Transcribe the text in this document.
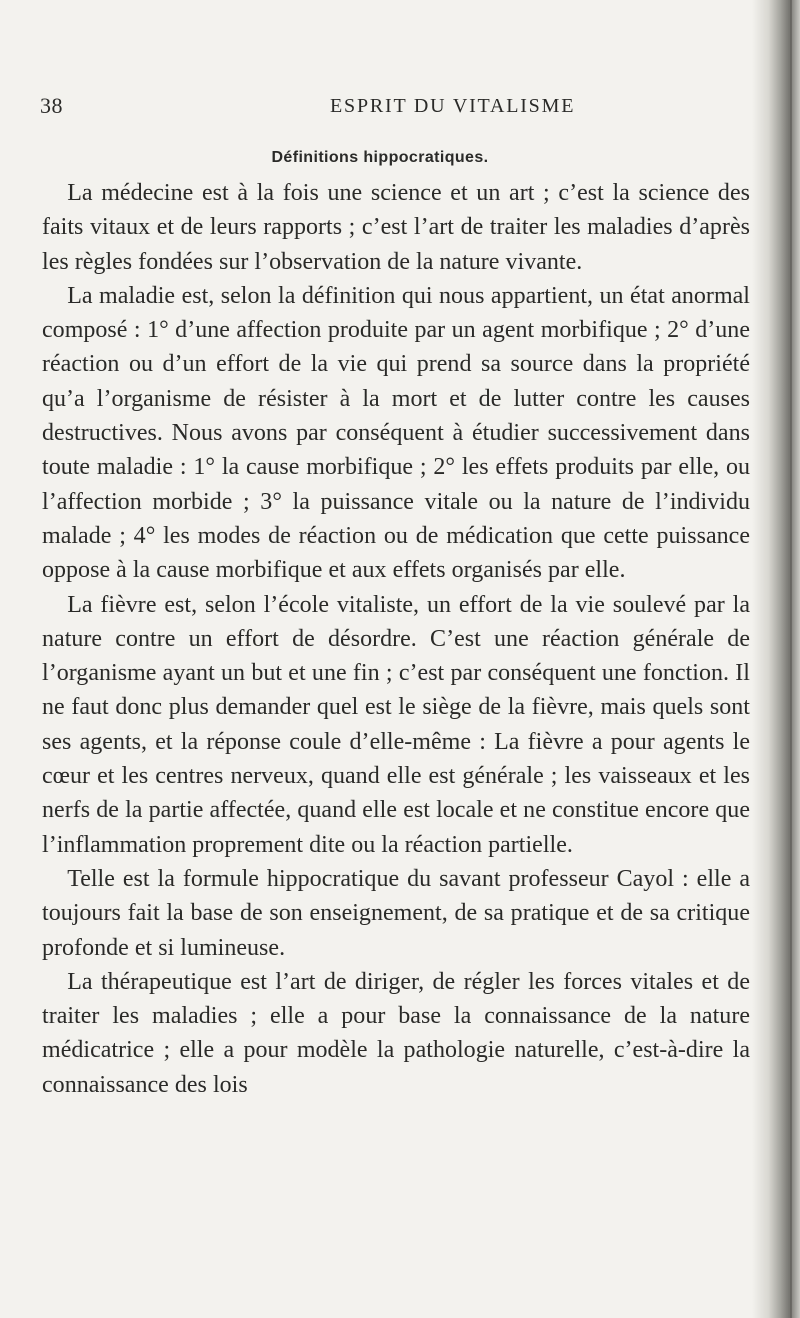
38	ESPRIT DU VITALISME
Définitions hippocratiques.

La médecine est à la fois une science et un art ; c’est la science des faits vitaux et de leurs rapports ; c’est l’art de traiter les maladies d’après les règles fondées sur l’observation de la nature vivante.

La maladie est, selon la définition qui nous appartient, un état anormal composé : 1° d’une affection produite par un agent morbifique ; 2° d’une réaction ou d’un effort de la vie qui prend sa source dans la propriété qu’a l’organisme de résister à la mort et de lutter contre les causes destructives. Nous avons par conséquent à étudier successivement dans toute maladie : 1° la cause morbifique ; 2° les effets produits par elle, ou l’affection morbide ; 3° la puissance vitale ou la nature de l’individu malade ; 4° les modes de réaction ou de médication que cette puissance oppose à la cause morbifique et aux effets organisés par elle.

La fièvre est, selon l’école vitaliste, un effort de la vie soulevé par la nature contre un effort de désordre. C’est une réaction générale de l’organisme ayant un but et une fin ; c’est par conséquent une fonction. Il ne faut donc plus demander quel est le siège de la fièvre, mais quels sont ses agents, et la réponse coule d’elle-même : La fièvre a pour agents le cœur et les centres nerveux, quand elle est générale ; les vaisseaux et les nerfs de la partie affectée, quand elle est locale et ne constitue encore que l’inflammation proprement dite ou la réaction partielle.

Telle est la formule hippocratique du savant professeur Cayol : elle a toujours fait la base de son enseignement, de sa pratique et de sa critique profonde et si lumineuse.

La thérapeutique est l’art de diriger, de régler les forces vitales et de traiter les maladies ; elle a pour base la connaissance de la nature médicatrice ; elle a pour modèle la pathologie naturelle, c’est-à-dire la connaissance des lois
